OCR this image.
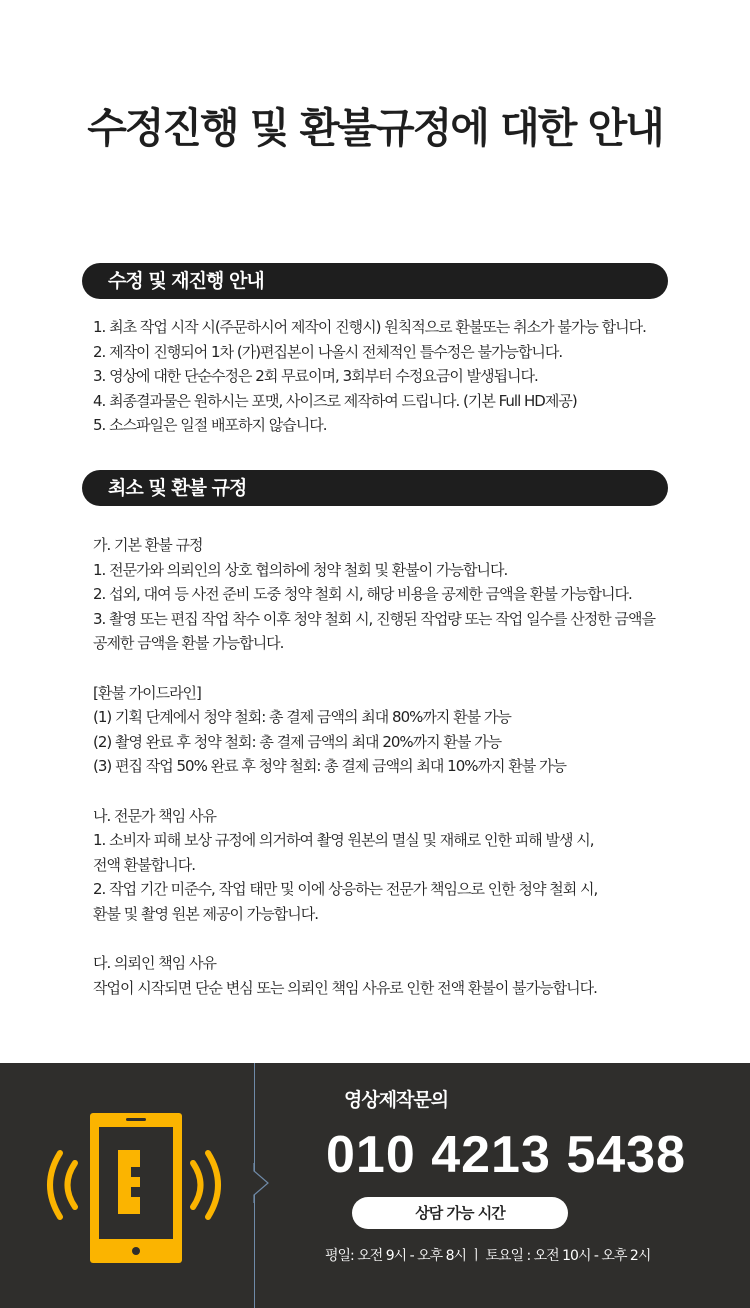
수정진행 및 환불규정에 대한 안내
수정 및 재진행 안내
1. 최초 작업 시작 시(주문하시어 제작이 진행시) 원칙적으로 환불또는 취소가 불가능 합니다.
2. 제작이 진행되어 1차 (가)편집본이 나올시 전체적인 틀수정은 불가능합니다.
3. 영상에 대한 단순수정은 2회 무료이며, 3회부터 수정요금이 발생됩니다.
4. 최종결과물은 원하시는 포맷, 사이즈로 제작하여 드립니다. (기본 Full HD제공)
5. 소스파일은 일절 배포하지 않습니다.
최소 및 환불 규정
가. 기본 환불 규정
1. 전문가와 의뢰인의 상호 협의하에 청약 철회 및 환불이 가능합니다.
2. 섭외, 대여 등 사전 준비 도중 청약 철회 시, 해당 비용을 공제한 금액을 환불 가능합니다.
3. 촬영 또는 편집 작업 착수 이후 청약 철회 시, 진행된 작업량 또는 작업 일수를 산정한 금액을
공제한 금액을 환불 가능합니다.
[환불 가이드라인]
(1) 기획 단계에서 청약 철회: 총 결제 금액의 최대 80%까지 환불 가능
(2) 촬영 완료 후 청약 철회: 총 결제 금액의 최대 20%까지 환불 가능
(3) 편집 작업 50% 완료 후 청약 철회: 총 결제 금액의 최대 10%까지 환불 가능
나. 전문가 책임 사유
1. 소비자 피해 보상 규정에 의거하여 촬영 원본의 멸실 및 재해로 인한 피해 발생 시,
전액 환불합니다.
2. 작업 기간 미준수, 작업 태만 및 이에 상응하는 전문가 책임으로 인한 청약 철회 시,
환불 및 촬영 원본 제공이 가능합니다.
다. 의뢰인 책임 사유
작업이 시작되면 단순 변심 또는 의뢰인 책임 사유로 인한 전액 환불이 불가능합니다.
영상제작문의
010 4213 5438
상담 가능 시간
평일: 오전 9시 - 오후 8시 ㅣ 토요일 : 오전 10시 - 오후 2시
